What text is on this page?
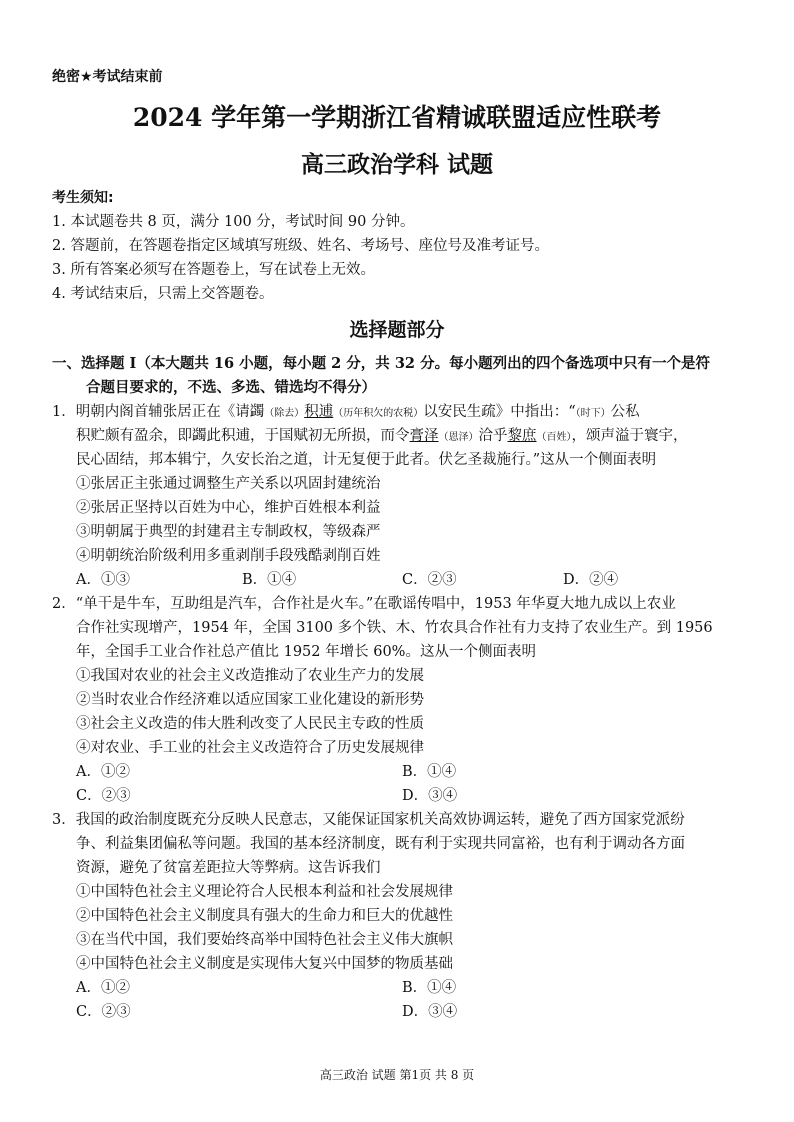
绝密★考试结束前
2024 学年第一学期浙江省精诚联盟适应性联考
高三政治学科 试题
考生须知:
1. 本试题卷共 8 页，满分 100 分，考试时间 90 分钟。
2. 答题前，在答题卷指定区域填写班级、姓名、考场号、座位号及准考证号。
3. 所有答案必须写在答题卷上，写在试卷上无效。
4. 考试结束后，只需上交答题卷。
选择题部分
一、选择题 I（本大题共 16 小题，每小题 2 分，共 32 分。每小题列出的四个备选项中只有一个是符
合题目要求的，不选、多选、错选均不得分）
1．明朝内阁首辅张居正在《请蠲（除去）积逋（历年积欠的农税）以安民生疏》中指出：“（时下）公私
积贮颇有盈余，即蠲此积逋，于国赋初无所损，而令膏泽（恩泽）洽乎黎庶（百姓），颂声溢于寰宇，
民心固结，邦本辑宁，久安长治之道，计无复便于此者。伏乞圣裁施行。”这从一个侧面表明
①张居正主张通过调整生产关系以巩固封建统治
②张居正坚持以百姓为中心，维护百姓根本利益
③明朝属于典型的封建君主专制政权，等级森严
④明朝统治阶级利用多重剥削手段残酷剥削百姓
A．①③	B．①④	C．②③	D．②④
2．“单干是牛车，互助组是汽车，合作社是火车。”在歌谣传唱中，1953 年华夏大地九成以上农业
合作社实现增产，1954 年，全国 3100 多个铁、木、竹农具合作社有力支持了农业生产。到 1956
年，全国手工业合作社总产值比 1952 年增长 60%。这从一个侧面表明
①我国对农业的社会主义改造推动了农业生产力的发展
②当时农业合作经济难以适应国家工业化建设的新形势
③社会主义改造的伟大胜利改变了人民民主专政的性质
④对农业、手工业的社会主义改造符合了历史发展规律
A．①②	B．①④
C．②③	D．③④
3．我国的政治制度既充分反映人民意志，又能保证国家机关高效协调运转，避免了西方国家党派纷
争、利益集团偏私等问题。我国的基本经济制度，既有利于实现共同富裕，也有利于调动各方面
资源，避免了贫富差距拉大等弊病。这告诉我们
①中国特色社会主义理论符合人民根本利益和社会发展规律
②中国特色社会主义制度具有强大的生命力和巨大的优越性
③在当代中国，我们要始终高举中国特色社会主义伟大旗帜
④中国特色社会主义制度是实现伟大复兴中国梦的物质基础
A．①②	B．①④
C．②③	D．③④
高三政治 试题 第1页 共 8 页
